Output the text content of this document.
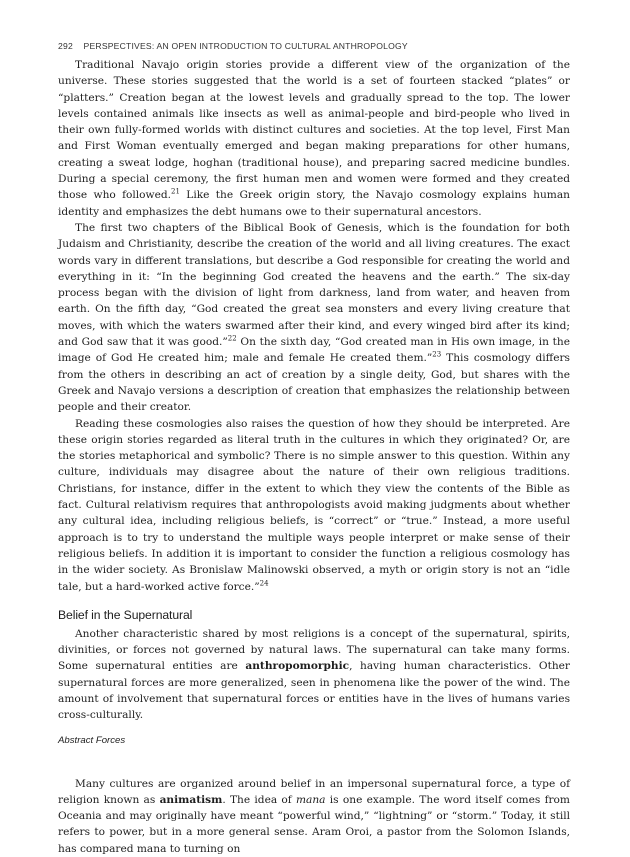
292 PERSPECTIVES: AN OPEN INTRODUCTION TO CULTURAL ANTHROPOLOGY

Traditional Navajo origin stories provide a different view of the organization of the universe. These stories suggested that the world is a set of fourteen stacked “plates” or “platters.” Creation began at the lowest levels and gradually spread to the top. The lower levels contained animals like insects as well as animal-people and bird-people who lived in their own fully-formed worlds with distinct cultures and societies. At the top level, First Man and First Woman eventually emerged and began making preparations for other humans, creating a sweat lodge, hoghan (traditional house), and preparing sacred medicine bundles. During a special ceremony, the first human men and women were formed and they created those who followed.$^{21}$ Like the Greek origin story, the Navajo cosmology explains human identity and emphasizes the debt humans owe to their supernatural ancestors.

The first two chapters of the Biblical Book of Genesis, which is the foundation for both Judaism and Christianity, describe the creation of the world and all living creatures. The exact words vary in different translations, but describe a God responsible for creating the world and everything in it: “In the beginning God created the heavens and the earth.” The six-day process began with the division of light from darkness, land from water, and heaven from earth. On the fifth day, “God created the great sea monsters and every living creature that moves, with which the waters swarmed after their kind, and every winged bird after its kind; and God saw that it was good.”$^{22}$ On the sixth day, “God created man in His own image, in the image of God He created him; male and female He created them.”$^{23}$ This cosmology differs from the others in describing an act of creation by a single deity, God, but shares with the Greek and Navajo versions a description of creation that emphasizes the relationship between people and their creator.

Reading these cosmologies also raises the question of how they should be interpreted. Are these origin stories regarded as literal truth in the cultures in which they originated? Or, are the stories metaphorical and symbolic? There is no simple answer to this question. Within any culture, individuals may disagree about the nature of their own religious traditions. Christians, for instance, differ in the extent to which they view the contents of the Bible as fact. Cultural relativism requires that anthropologists avoid making judgments about whether any cultural idea, including religious beliefs, is “correct” or “true.” Instead, a more useful approach is to try to understand the multiple ways people interpret or make sense of their religious beliefs. In addition it is important to consider the function a religious cosmology has in the wider society. As Bronislaw Malinowski observed, a myth or origin story is not an “idle tale, but a hard-worked active force.”$^{24}$

Belief in the Supernatural

Another characteristic shared by most religions is a concept of the supernatural, spirits, divinities, or forces not governed by natural laws. The supernatural can take many forms. Some supernatural entities are anthropomorphic, having human characteristics. Other supernatural forces are more generalized, seen in phenomena like the power of the wind. The amount of involvement that supernatural forces or entities have in the lives of humans varies cross-culturally.

Abstract Forces

Many cultures are organized around belief in an impersonal supernatural force, a type of religion known as animatism. The idea of mana is one example. The word itself comes from Oceania and may originally have meant “powerful wind,” “lightning” or “storm.” Today, it still refers to power, but in a more general sense. Aram Oroi, a pastor from the Solomon Islands, has compared mana to turning on
